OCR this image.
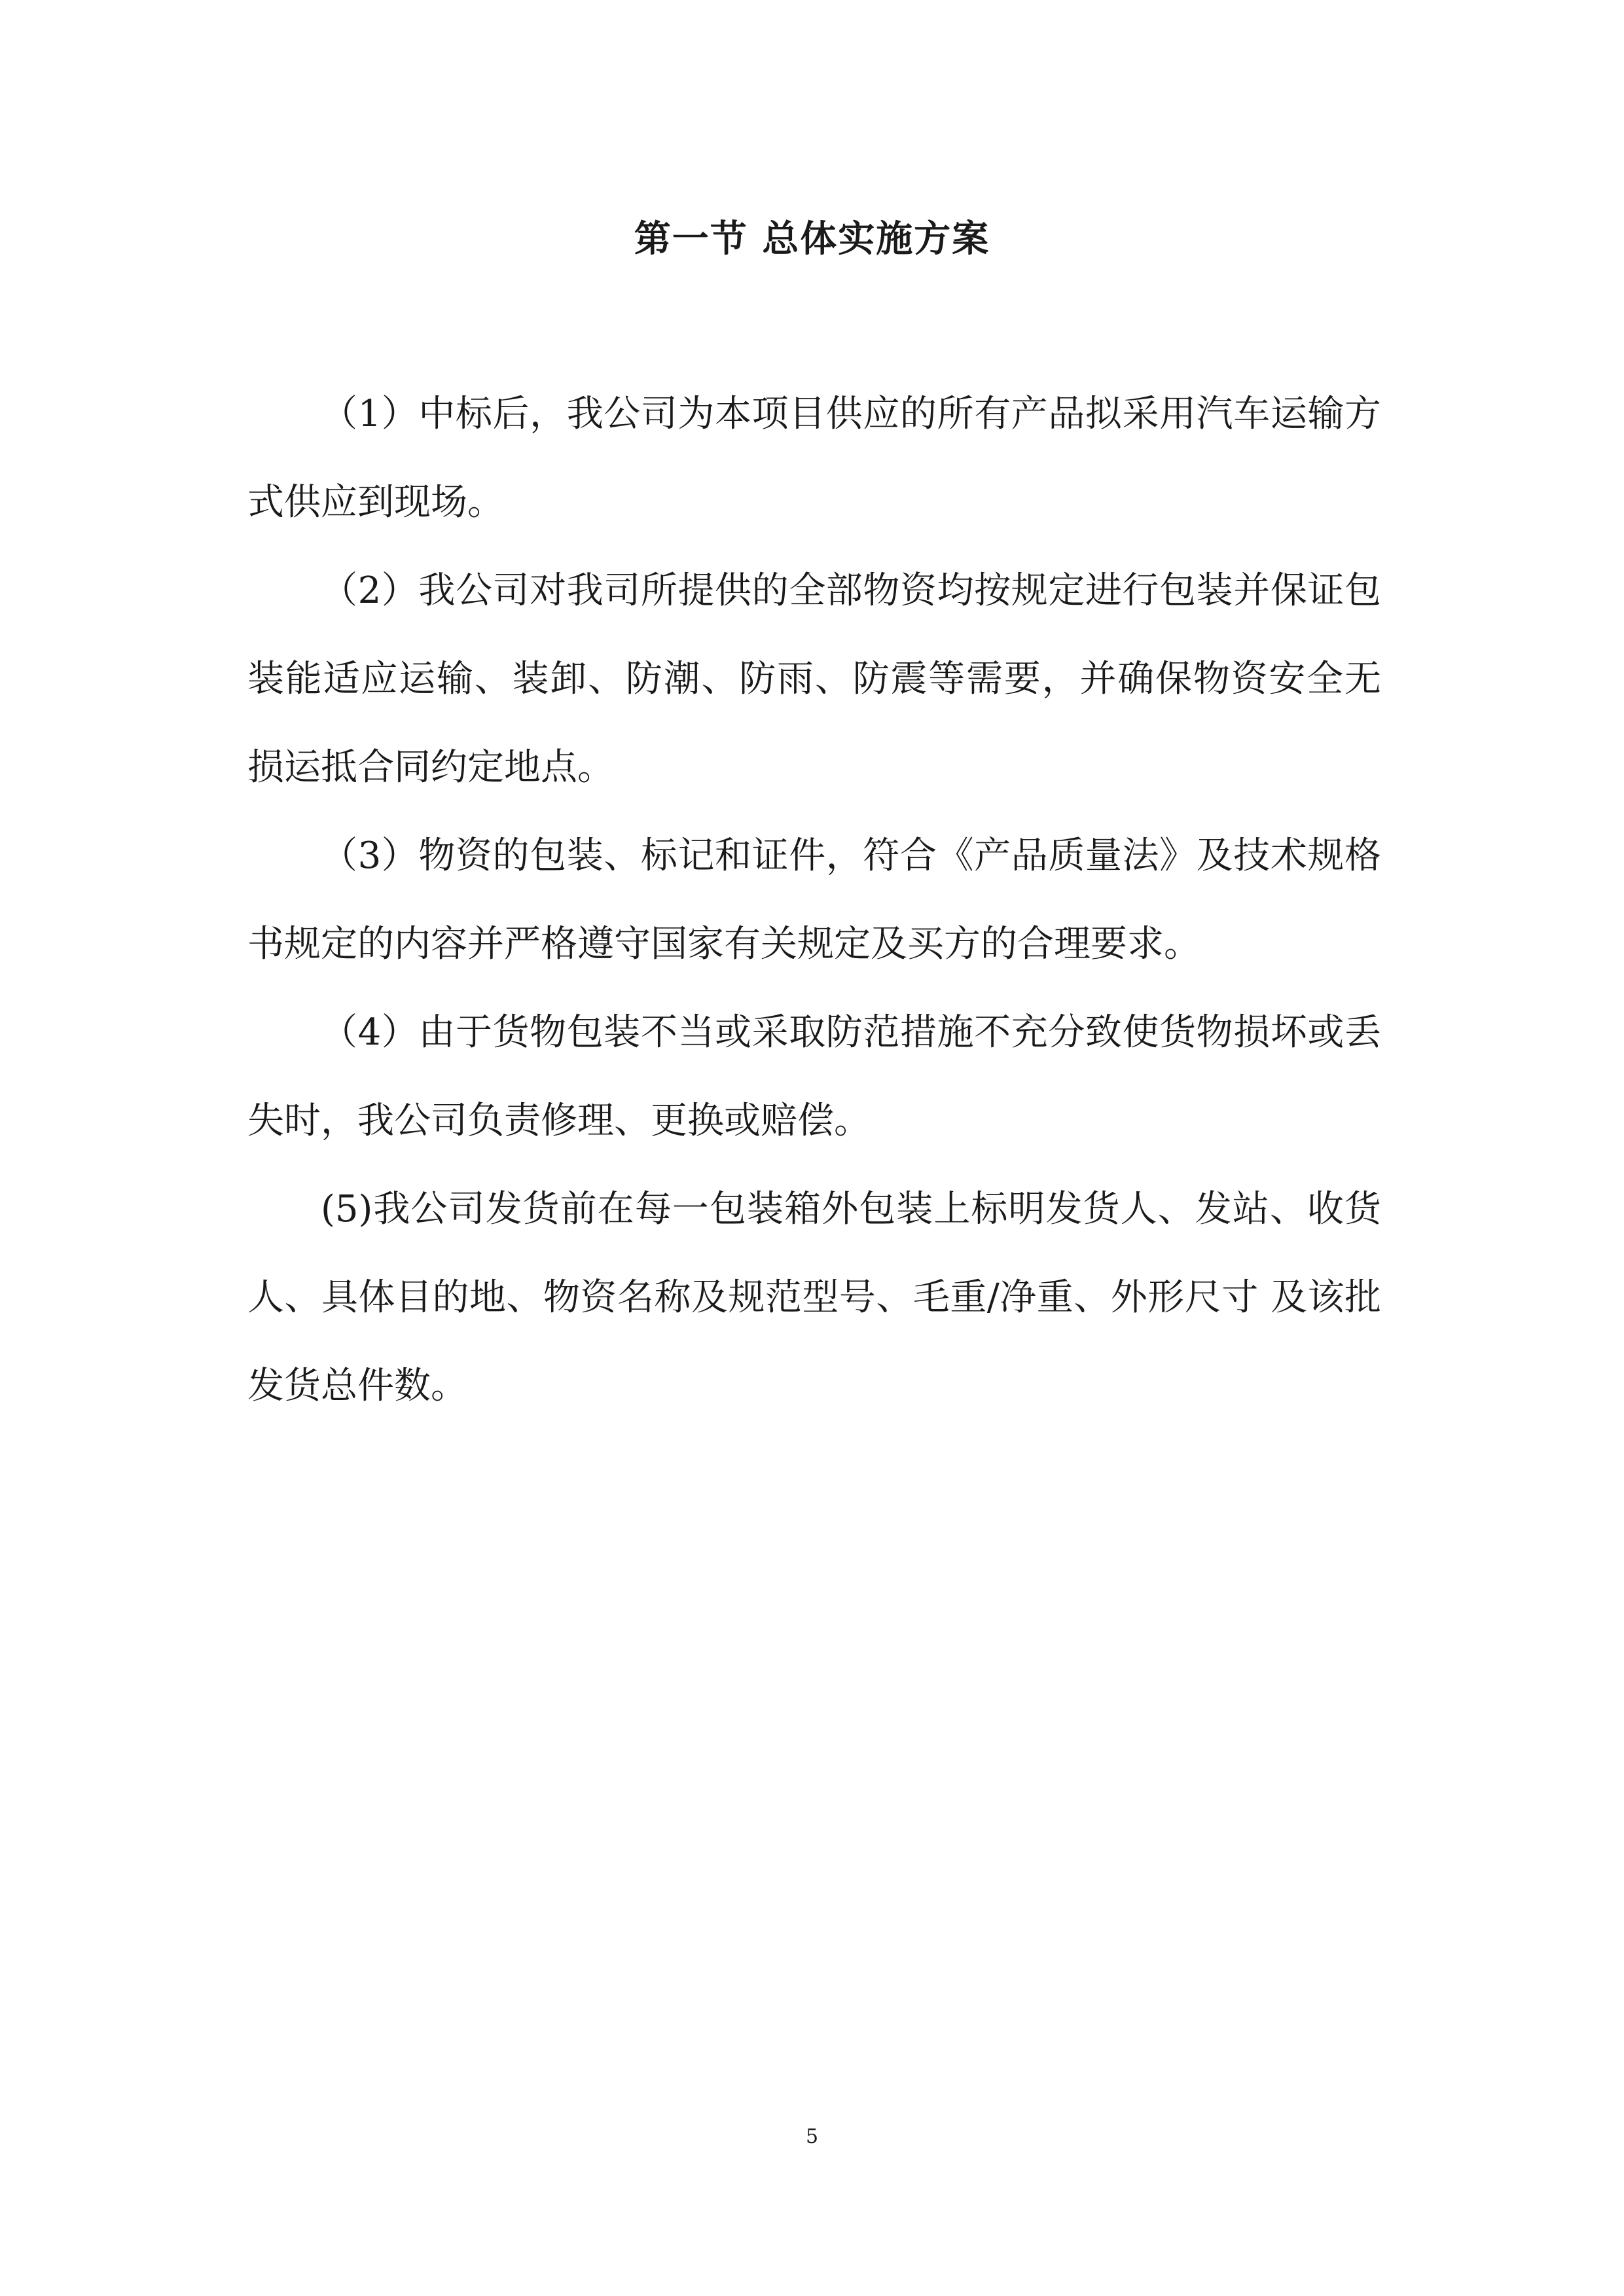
第一节 总体实施方案

（1）中标后，我公司为本项目供应的所有产品拟采用汽车运输方式供应到现场。

（2）我公司对我司所提供的全部物资均按规定进行包装并保证包装能适应运输、装卸、防潮、防雨、防震等需要，并确保物资安全无损运抵合同约定地点。

（3）物资的包装、标记和证件，符合《产品质量法》及技术规格书规定的内容并严格遵守国家有关规定及买方的合理要求。

（4）由于货物包装不当或采取防范措施不充分致使货物损坏或丢失时，我公司负责修理、更换或赔偿。

(5)我公司发货前在每一包装箱外包装上标明发货人、发站、收货人、具体目的地、物资名称及规范型号、毛重/净重、外形尺寸 及该批发货总件数。

5
